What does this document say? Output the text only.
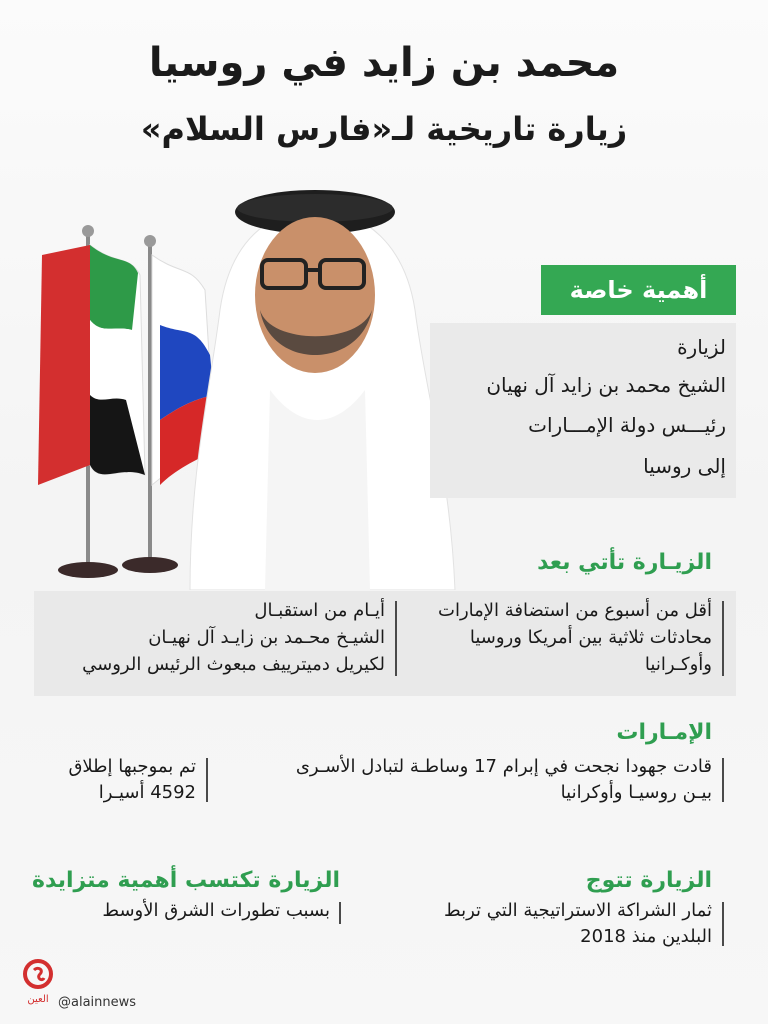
محمد بن زايد في روسيا
زيارة تاريخية لـ«فارس السلام»
أهمية خاصة
لزيارة
الشيخ محمد بن زايد آل نهيان
رئيـــس دولة الإمـــارات
إلى روسيا
الزيـارة تأتي بعد
أقل من أسبوع من استضافة الإمارات
محادثات ثلاثية بين أمريكا وروسيا
وأوكـرانيا
أيـام من استقبـال
الشيـخ محـمد بن زايـد آل نهيـان
لكيريل دميترييف مبعوث الرئيس الروسي
الإمـارات
قادت جهودا نجحت في إبرام 17 وساطـة لتبادل الأسـرى
بيـن روسيـا وأوكرانيا
تم بموجبها إطلاق
4592 أسيـرا
الزيارة تتوج
ثمار الشراكة الاستراتيجية التي تربط
البلدين منذ 2018
الزيارة تكتسب أهمية متزايدة
بسبب تطورات الشرق الأوسط
العين @alainnews
